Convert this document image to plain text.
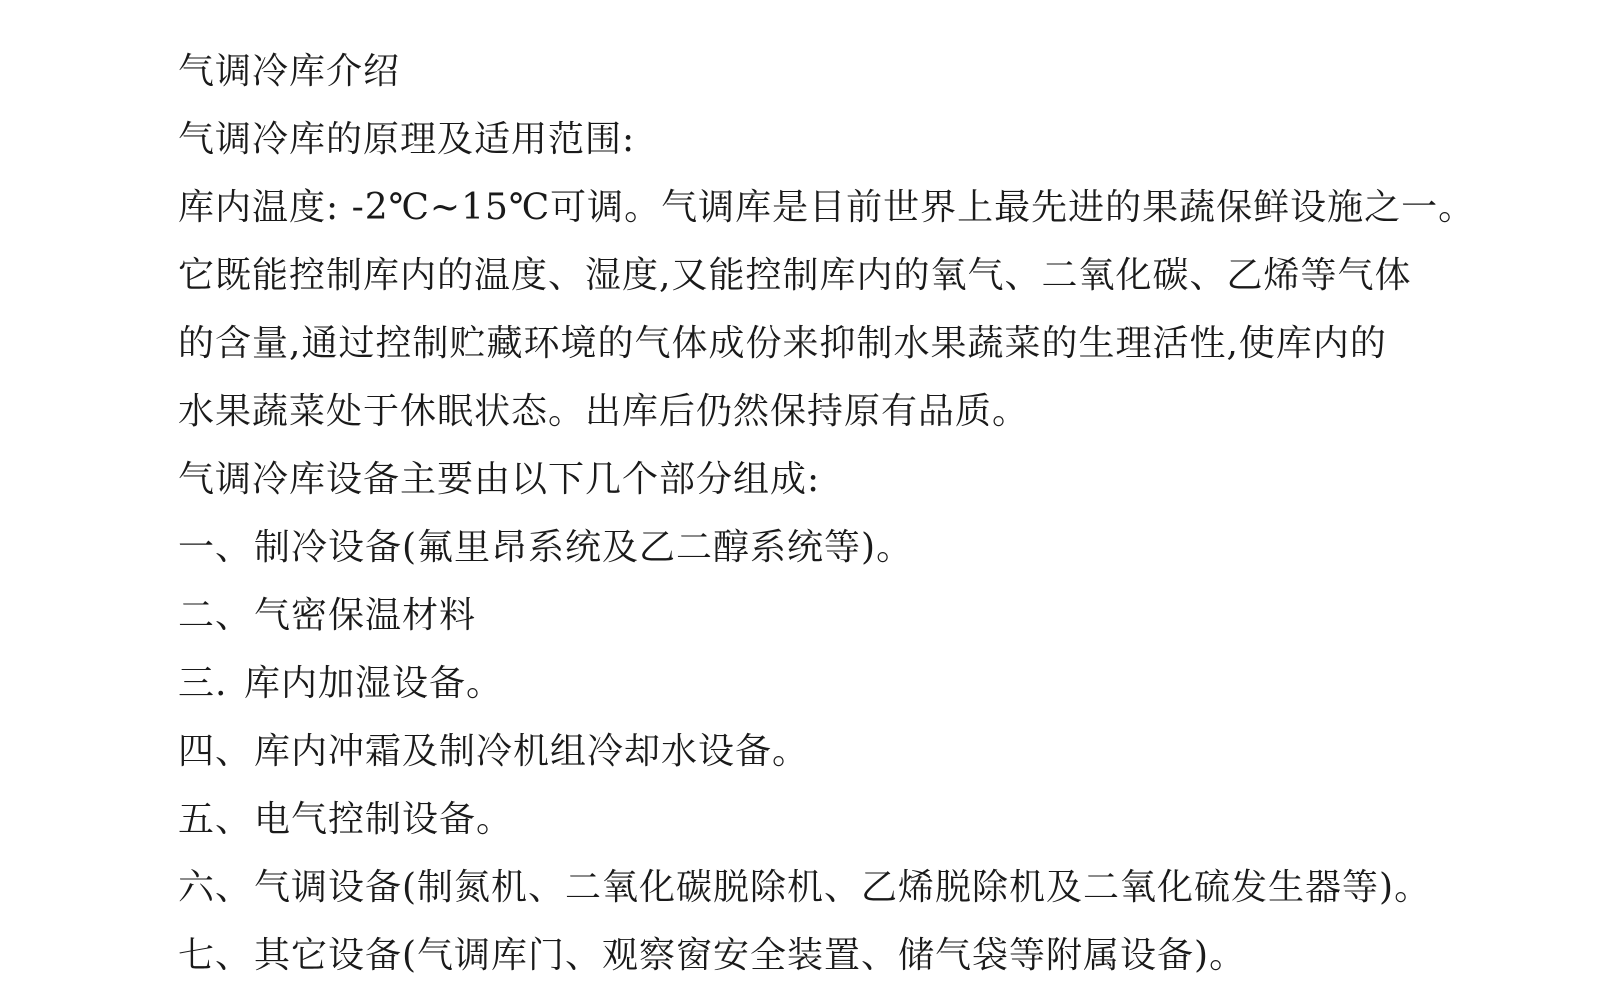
气调冷库介绍
气调冷库的原理及适用范围:
库内温度: -2℃~15℃可调。气调库是目前世界上最先进的果蔬保鲜设施之一。
它既能控制库内的温度、湿度,又能控制库内的氧气、二氧化碳、乙烯等气体
的含量,通过控制贮藏环境的气体成份来抑制水果蔬菜的生理活性,使库内的
水果蔬菜处于休眠状态。出库后仍然保持原有品质。
气调冷库设备主要由以下几个部分组成:
一、制冷设备(氟里昂系统及乙二醇系统等)。
二、气密保温材料
三. 库内加湿设备。
四、库内冲霜及制冷机组冷却水设备。
五、电气控制设备。
六、气调设备(制氮机、二氧化碳脱除机、乙烯脱除机及二氧化硫发生器等)。
七、其它设备(气调库门、观察窗安全装置、储气袋等附属设备)。
